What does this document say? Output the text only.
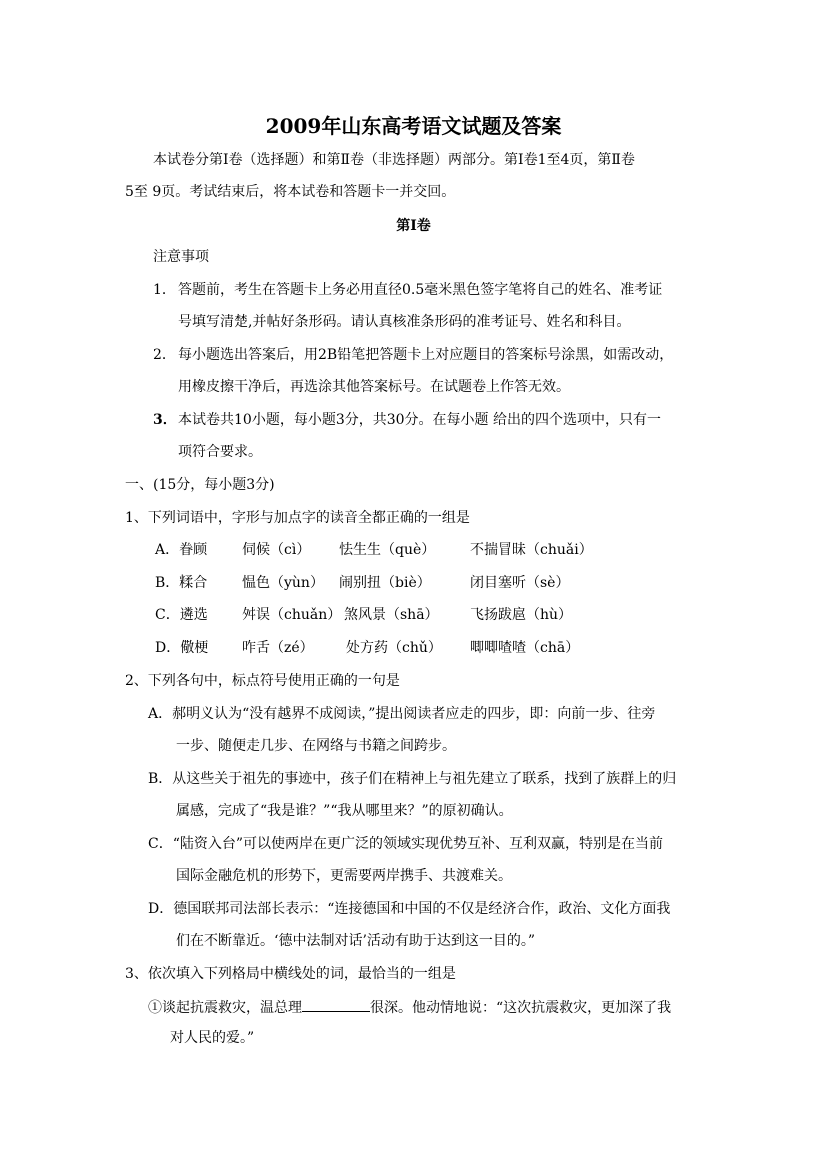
2009年山东高考语文试题及答案
本试卷分第Ⅰ卷（选择题）和第Ⅱ卷（非选择题）两部分。第Ⅰ卷1至4页，第Ⅱ卷
5至 9页。考试结束后，将本试卷和答题卡一并交回。
第Ⅰ卷
注意事项
1． 答题前，考生在答题卡上务必用直径0.5毫米黑色签字笔将自己的姓名、准考证
号填写清楚,并帖好条形码。请认真核准条形码的准考证号、姓名和科目。
2． 每小题选出答案后，用2B铅笔把答题卡上对应题目的答案标号涂黑，如需改动，
用橡皮擦干净后，再选涂其他答案标号。在试题卷上作答无效。
3． 本试卷共10小题，每小题3分，共30分。在每小题 给出的四个选项中，只有一
项符合要求。
一、(15分，每小题3分)
1、下列词语中，字形与加点字的读音全都正确的一组是
A．眷顾 伺候（cì） 怯生生（què） 不揣冒昧（chuǎi）
B．糅合 愠色（yùn） 闹别扭（biè）	闭目塞听（sè）
C．遴选 舛误（chuǎn） 煞风景（shā） 飞扬跋扈（hù）
D．儆梗 咋舌（zé） 处方药（chǔ） 唧唧喳喳（chā）
2、下列各句中，标点符号使用正确的一句是
A．郝明义认为“没有越界不成阅读，”提出阅读者应走的四步，即：向前一步、往旁
一步、随便走几步、在网络与书籍之间跨步。
B．从这些关于祖先的事迹中，孩子们在精神上与祖先建立了联系，找到了族群上的归
属感，完成了“我是谁？”“我从哪里来？”的原初确认。
C．“陆资入台”可以使两岸在更广泛的领域实现优势互补、互利双赢，特别是在当前
国际金融危机的形势下，更需要两岸携手、共渡难关。
D．德国联邦司法部长表示：“连接德国和中国的不仅是经济合作，政治、文化方面我
们在不断靠近。‘德中法制对话’活动有助于达到这一目的。”
3、依次填入下列格局中横线处的词，最恰当的一组是
①谈起抗震救灾，温总理	很深。他动情地说：“这次抗震救灾，更加深了我
对人民的爱。”
